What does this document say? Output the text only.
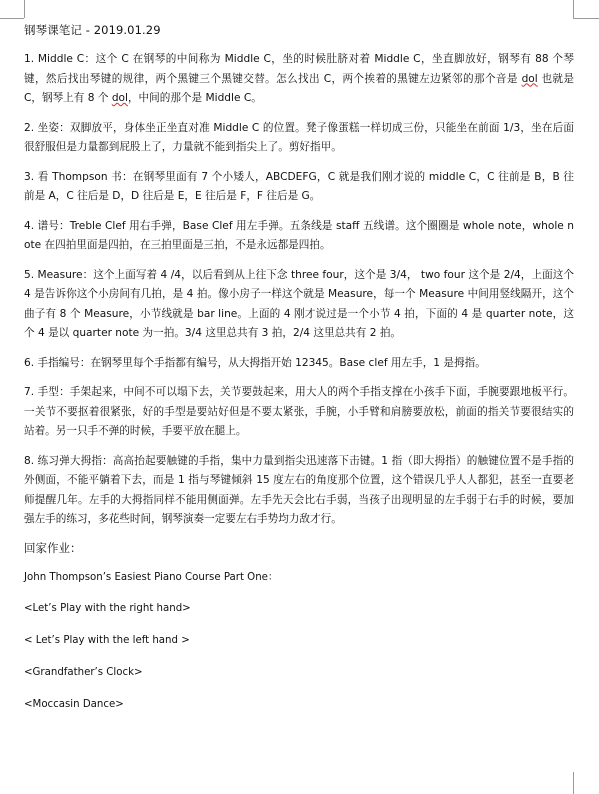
钢琴课笔记 - 2019.01.29
1. Middle C：这个 C 在钢琴的中间称为 Middle C，坐的时候肚脐对着 Middle C，坐直脚放好，钢琴有 88 个琴键，然后找出琴键的规律，两个黑键三个黑键交替。怎么找出 C，两个挨着的黑键左边紧邻的那个音是 dol 也就是 C，钢琴上有 8 个 dol，中间的那个是 Middle C。
2. 坐姿：双脚放平，身体坐正坐直对准 Middle C 的位置。凳子像蛋糕一样切成三份，只能坐在前面 1/3，坐在后面很舒服但是力量都到屁股上了，力量就不能到指尖上了。剪好指甲。
3. 看 Thompson 书：在钢琴里面有 7 个小矮人，ABCDEFG，C 就是我们刚才说的 middle C，C 往前是 B，B 往前是 A，C 往后是 D，D 往后是 E，E 往后是 F，F 往后是 G。
4. 谱号：Treble Clef 用右手弹，Base Clef 用左手弹。五条线是 staff 五线谱。这个圈圈是 whole note，whole note 在四拍里面是四拍，在三拍里面是三拍，不是永远都是四拍。
5. Measure：这个上面写着 4 /4，以后看到从上往下念 three four，这个是 3/4， two four 这个是 2/4，上面这个 4 是告诉你这个小房间有几拍，是 4 拍。像小房子一样这个就是 Measure，每一个 Measure 中间用竖线隔开，这个曲子有 8 个 Measure，小节线就是 bar line。上面的 4 刚才说过是一个小节 4 拍，下面的 4 是 quarter note，这个 4 是以 quarter note 为一拍。3/4 这里总共有 3 拍，2/4 这里总共有 2 拍。
6. 手指编号：在钢琴里每个手指都有编号，从大拇指开始 12345。Base clef 用左手，1 是拇指。
7. 手型：手架起来，中间不可以塌下去，关节要鼓起来，用大人的两个手指支撑在小孩手下面，手腕要跟地板平行。一关节不要抠着很紧张，好的手型是要站好但是不要太紧张，手腕，小手臂和肩膀要放松，前面的指关节要很结实的站着。另一只手不弹的时候，手要平放在腿上。
8. 练习弹大拇指：高高抬起要触键的手指，集中力量到指尖迅速落下击键。1 指（即大拇指）的触键位置不是手指的外侧面，不能平躺着下去，而是 1 指与琴键倾斜 15 度左右的角度那个位置，这个错误几乎人人都犯，甚至一直要老师提醒几年。左手的大拇指同样不能用侧面弹。左手先天会比右手弱，当孩子出现明显的左手弱于右手的时候，要加强左手的练习，多花些时间，钢琴演奏一定要左右手势均力敌才行。
回家作业：
John Thompson’s Easiest Piano Course Part One：
<Let’s Play with the right hand>
< Let’s Play with the left hand >
<Grandfather’s Clock>
<Moccasin Dance>
